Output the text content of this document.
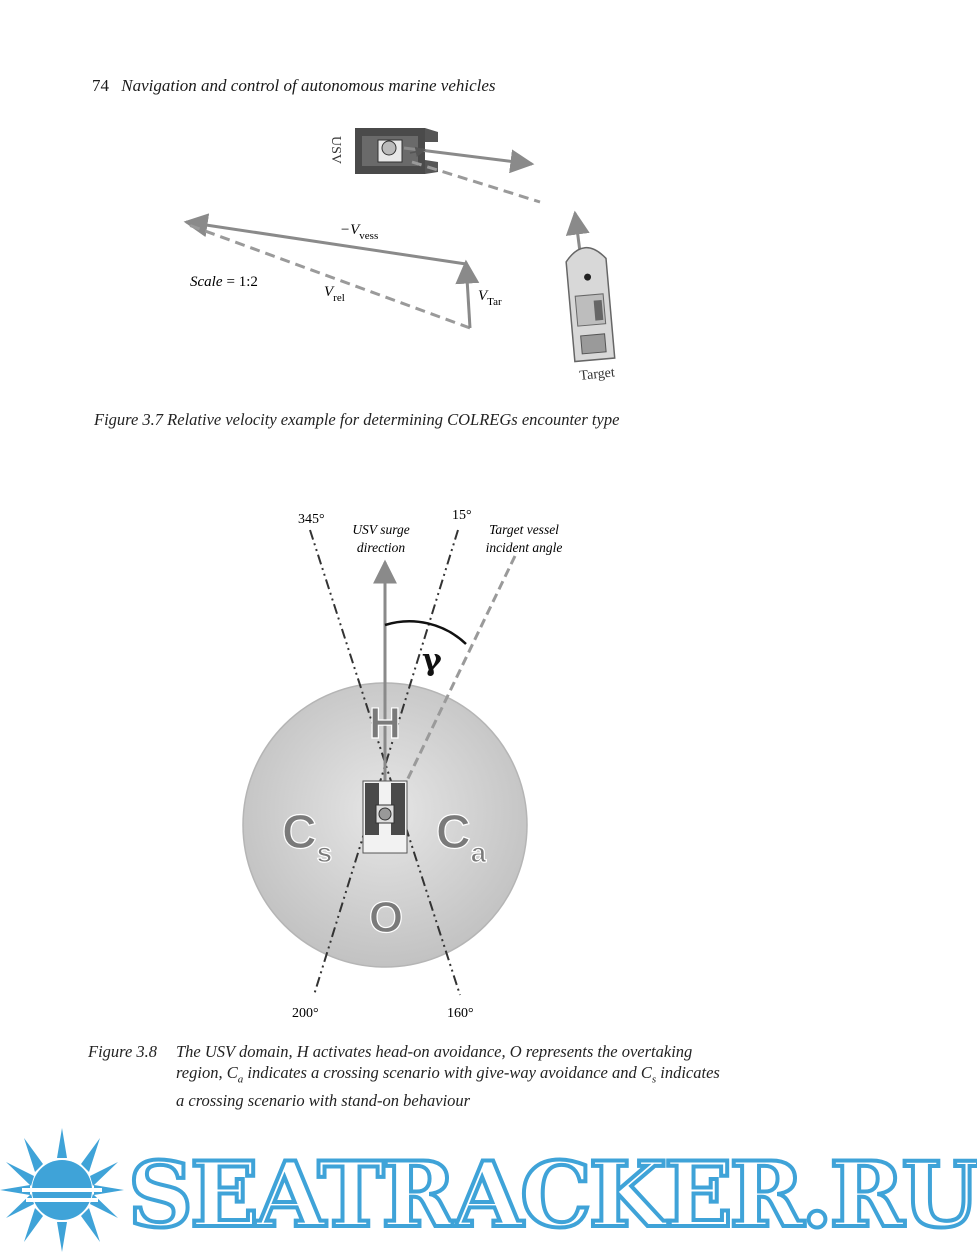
74 Navigation and control of autonomous marine vehicles
USV
$-V_{vess}$
$V_{rel}$	$V_{Tar}$
Scale = 1:2
Target
H
O
$C_s$ $C_a$
γ
345°	15°
200°	160°
USV surge
direction
Target vessel
incident angle
Figure 3.7 Relative velocity example for determining COLREGs encounter type
Figure 3.8	The USV domain, H activates head-on avoidance, O represents the overtaking region, $C_a$ indicates a crossing scenario with give-way avoidance and $C_s$ indicates a crossing scenario with stand-on behaviour
SEATRACKER.RU
